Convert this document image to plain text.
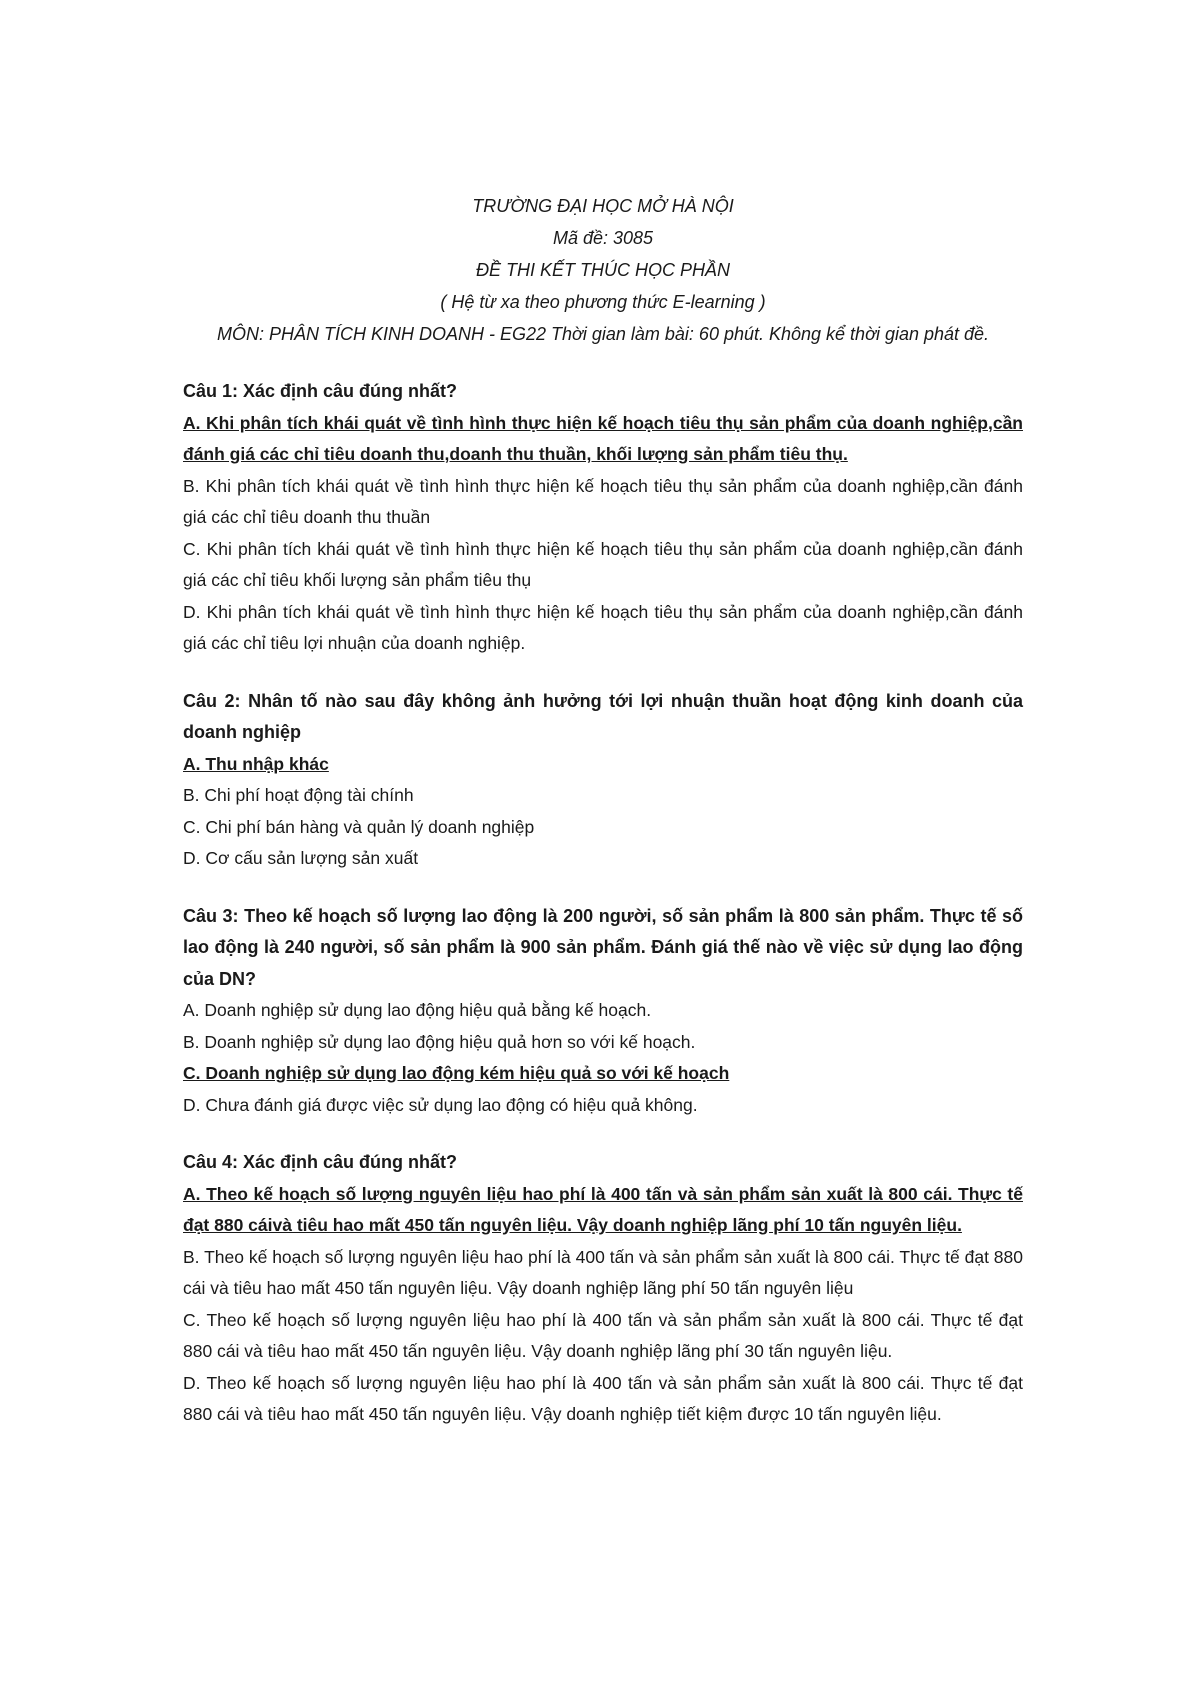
TRƯỜNG ĐẠI HỌC MỞ HÀ NỘI
Mã đề: 3085
ĐỀ THI KẾT THÚC HỌC PHẦN
( Hệ từ xa theo phương thức E-learning )
MÔN: PHÂN TÍCH KINH DOANH - EG22 Thời gian làm bài: 60 phút. Không kể thời gian phát đề.
Câu 1: Xác định câu đúng nhất?

A. Khi phân tích khái quát về tình hình thực hiện kế hoạch tiêu thụ sản phẩm của doanh nghiệp,cần đánh giá các chỉ tiêu doanh thu,doanh thu thuần, khối lượng sản phẩm tiêu thụ.

B. Khi phân tích khái quát về tình hình thực hiện kế hoạch tiêu thụ sản phẩm của doanh nghiệp,cần đánh giá các chỉ tiêu doanh thu thuần

C. Khi phân tích khái quát về tình hình thực hiện kế hoạch tiêu thụ sản phẩm của doanh nghiệp,cần đánh giá các chỉ tiêu khối lượng sản phẩm tiêu thụ

D. Khi phân tích khái quát về tình hình thực hiện kế hoạch tiêu thụ sản phẩm của doanh nghiệp,cần đánh giá các chỉ tiêu lợi nhuận của doanh nghiệp.

Câu 2: Nhân tố nào sau đây không ảnh hưởng tới lợi nhuận thuần hoạt động kinh doanh của doanh nghiệp

A. Thu nhập khác

B. Chi phí hoạt động tài chính

C. Chi phí bán hàng và quản lý doanh nghiệp

D. Cơ cấu sản lượng sản xuất

Câu 3: Theo kế hoạch số lượng lao động là 200 người, số sản phẩm là 800 sản phẩm. Thực tế số lao động là 240 người, số sản phẩm là 900 sản phẩm. Đánh giá thế nào về việc sử dụng lao động của DN?

A. Doanh nghiệp sử dụng lao động hiệu quả bằng kế hoạch.

B. Doanh nghiệp sử dụng lao động hiệu quả hơn so với kế hoạch.

C. Doanh nghiệp sử dụng lao động kém hiệu quả so với kế hoạch

D. Chưa đánh giá được việc sử dụng lao động có hiệu quả không.

Câu 4: Xác định câu đúng nhất?

A. Theo kế hoạch số lượng nguyên liệu hao phí là 400 tấn và sản phẩm sản xuất là 800 cái. Thực tế đạt 880 cáivà tiêu hao mất 450 tấn nguyên liệu. Vậy doanh nghiệp lãng phí 10 tấn nguyên liệu.

B. Theo kế hoạch số lượng nguyên liệu hao phí là 400 tấn và sản phẩm sản xuất là 800 cái. Thực tế đạt 880 cái và tiêu hao mất 450 tấn nguyên liệu. Vậy doanh nghiệp lãng phí 50 tấn nguyên liệu

C. Theo kế hoạch số lượng nguyên liệu hao phí là 400 tấn và sản phẩm sản xuất là 800 cái. Thực tế đạt 880 cái và tiêu hao mất 450 tấn nguyên liệu. Vậy doanh nghiệp lãng phí 30 tấn nguyên liệu.

D. Theo kế hoạch số lượng nguyên liệu hao phí là 400 tấn và sản phẩm sản xuất là 800 cái. Thực tế đạt 880 cái và tiêu hao mất 450 tấn nguyên liệu. Vậy doanh nghiệp tiết kiệm được 10 tấn nguyên liệu.
